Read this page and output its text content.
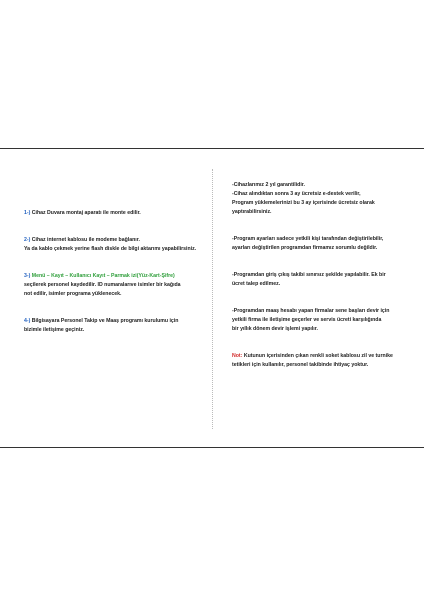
1-) Cihaz Duvara montaj aparatı ile monte edilir.
2-) Cihaz internet kablosu ile modeme bağlanır.
Ya da kablo çekmek yerine flash diskle de bilgi aktarımı yapabilirsiniz.
3-) Menü – Kayıt – Kullanıcı Kayıt – Parmak izi(Yüz-Kart-Şifre)
seçilerek personel kaydedilir. ID numaralarıve isimler bir kağıda
not edilir, isimler programa yüklenecek.
4-) Bilgisayara Personel Takip ve Maaş programı kurulumu için
bizimle iletişime geçiniz.
-Cihazlarımız 2 yıl garantilidir.
-Cihaz alındıktan sonra 3 ay ücretsiz e-destek verilir,
Program yüklemelerinizi bu 3 ay içerisinde ücretsiz olarak
yaptırabilirsiniz.
-Program ayarları sadece yetkili kişi tarafından değiştirilebilir,
ayarları değiştirilen programdan firmamız sorumlu değildir.
-Programdan giriş çıkış takibi sınırsız şekilde yapılabilir. Ek bir
ücret talep edilmez.
-Programdan maaş hesabı yapan firmalar sene başları devir için
yetkili firma ile iletişime geçerler ve servis ücreti karşılığında
bir yıllık dönem devir işlemi yapılır.
Not: Kutunun içerisinden çıkan renkli soket kablosu zil ve turnike
tetikleri için kullanılır, personel takibinde ihtiyaç yoktur.
